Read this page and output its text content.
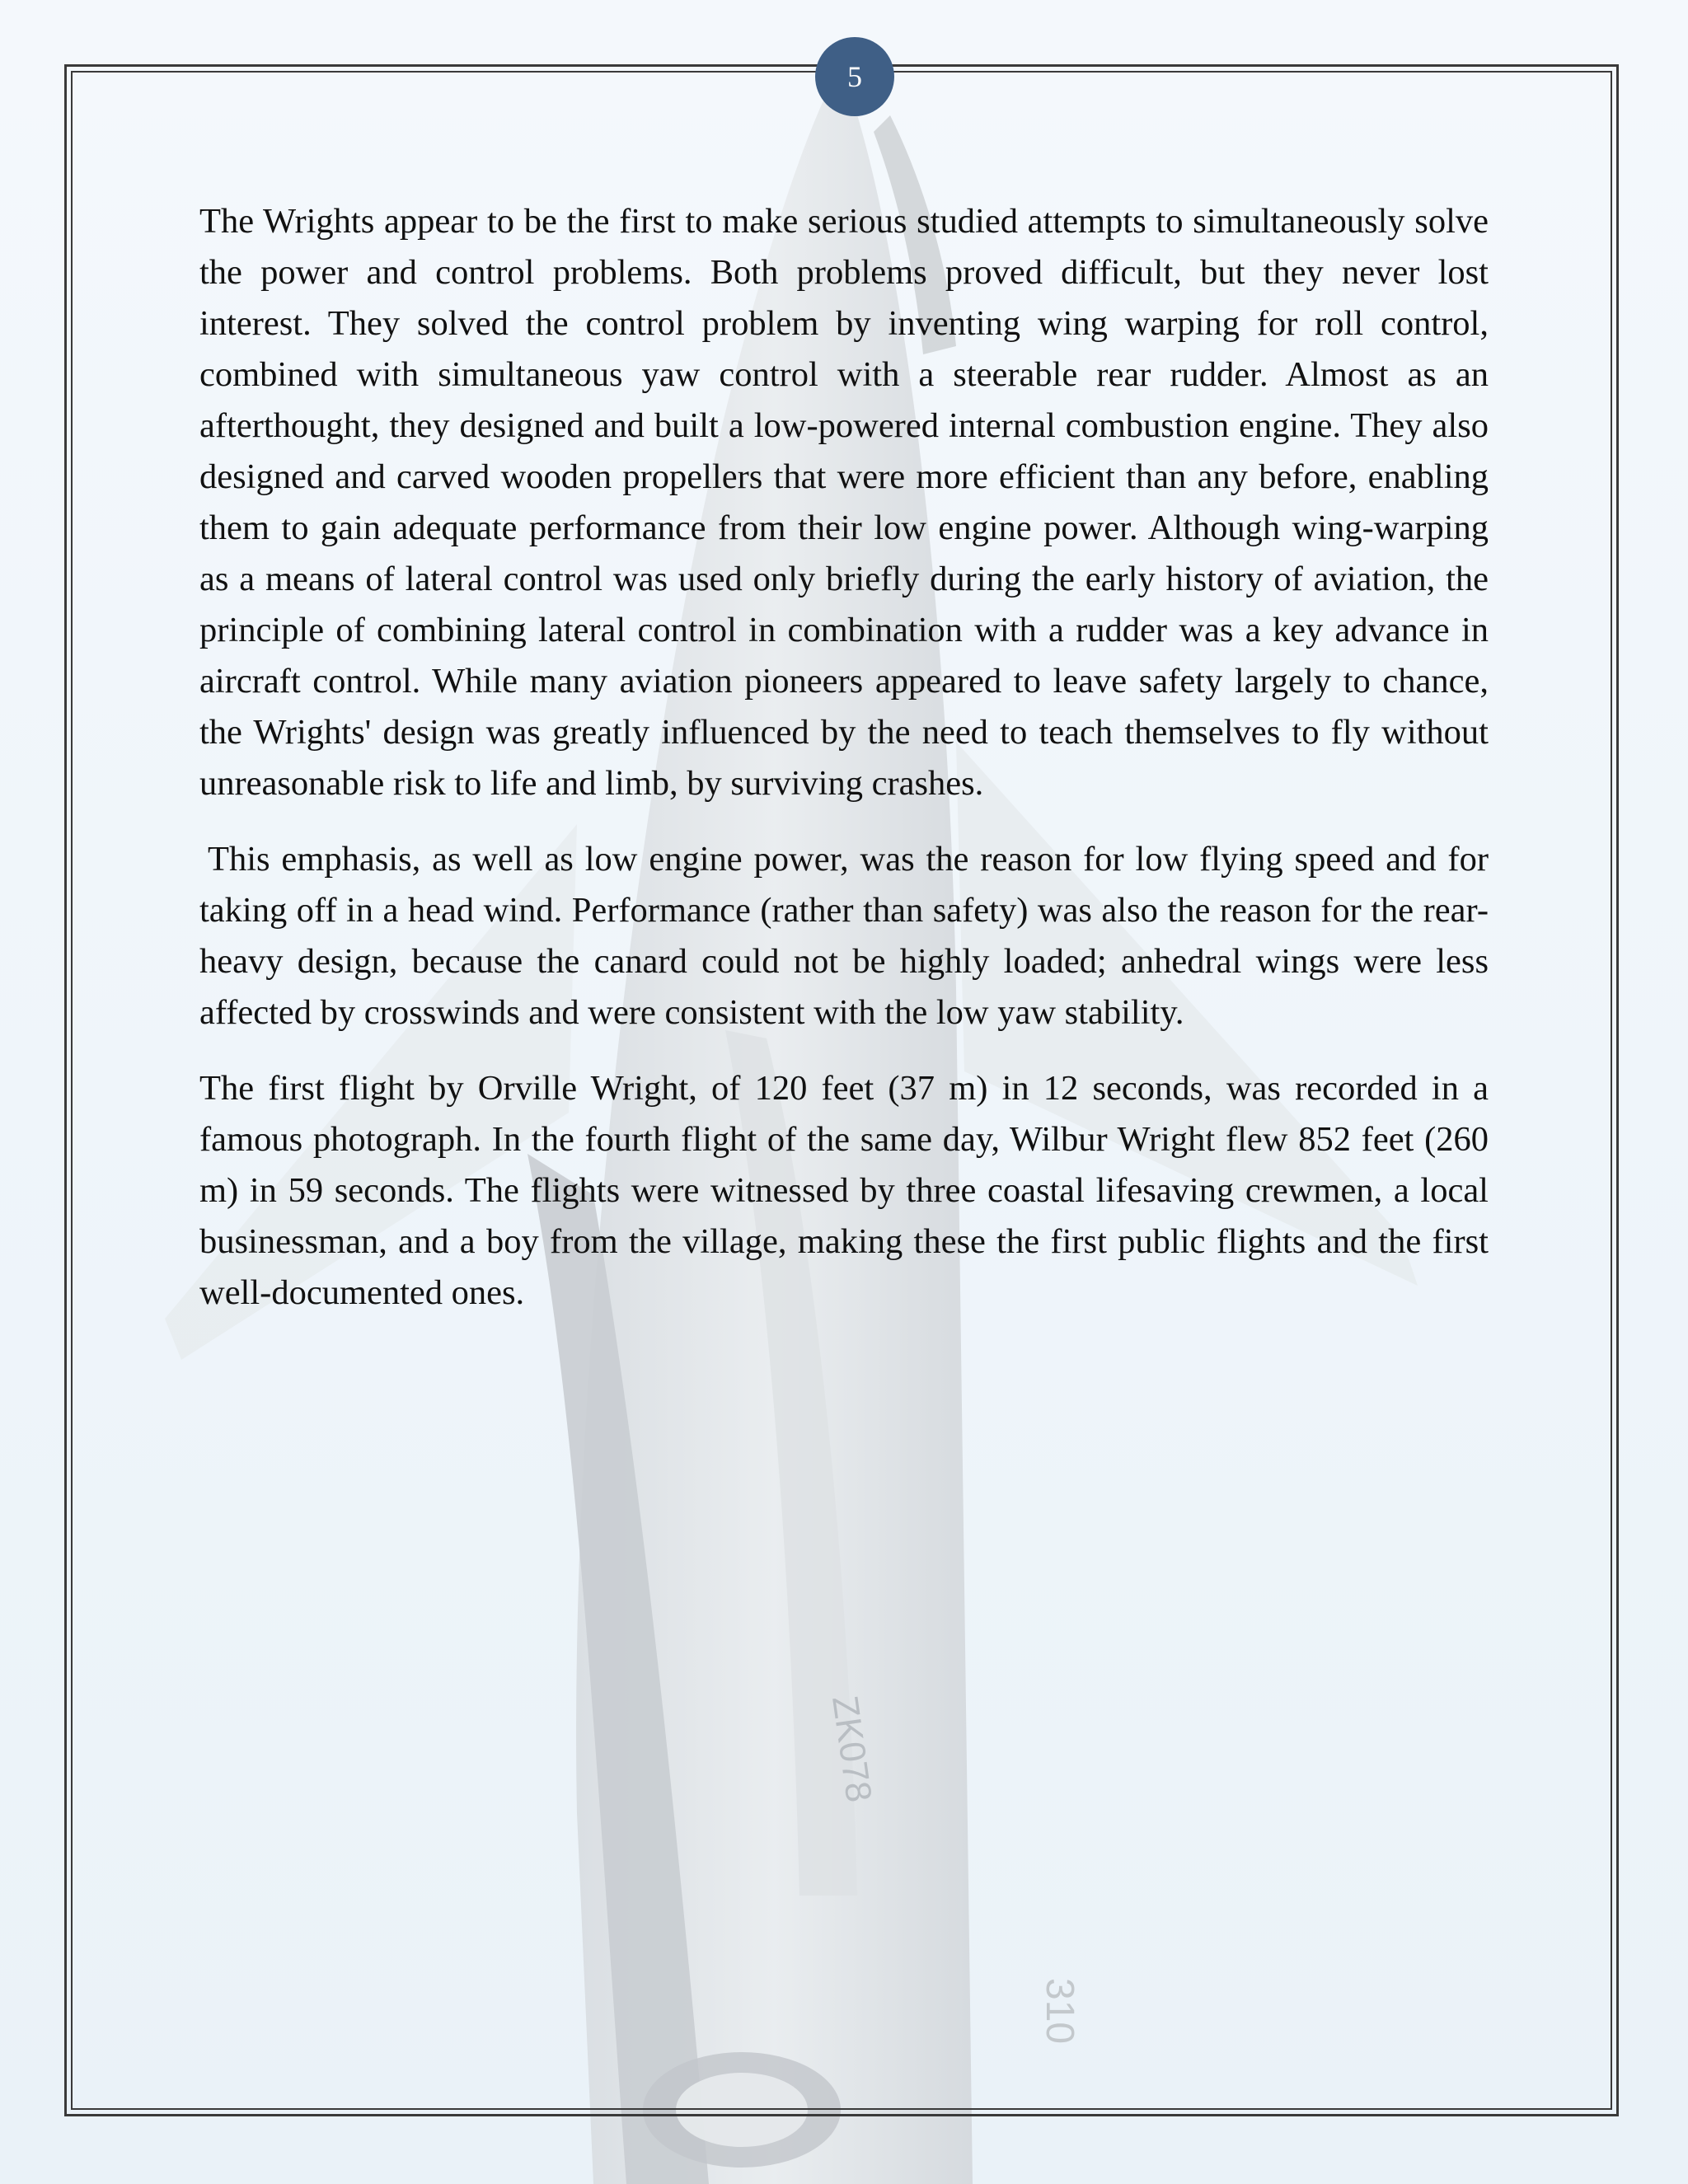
ZK078
310
5

The Wrights appear to be the first to make serious studied attempts to simultaneously solve the power and control problems. Both problems proved difficult, but they never lost interest. They solved the control problem by inventing wing warping for roll control, combined with simultaneous yaw control with a steerable rear rudder. Almost as an afterthought, they designed and built a low-powered internal combustion engine. They also designed and carved wooden propellers that were more efficient than any before, enabling them to gain adequate performance from their low engine power. Although wing-warping as a means of lateral control was used only briefly during the early history of aviation, the principle of combining lateral control in combination with a rudder was a key advance in aircraft control. While many aviation pioneers appeared to leave safety largely to chance, the Wrights' design was greatly influenced by the need to teach themselves to fly without unreasonable risk to life and limb, by surviving crashes.

This emphasis, as well as low engine power, was the reason for low flying speed and for taking off in a head wind. Performance (rather than safety) was also the reason for the rear-heavy design, because the canard could not be highly loaded; anhedral wings were less affected by crosswinds and were consistent with the low yaw stability.

The first flight by Orville Wright, of 120 feet (37 m) in 12 seconds, was recorded in a famous photograph. In the fourth flight of the same day, Wilbur Wright flew 852 feet (260 m) in 59 seconds. The flights were witnessed by three coastal lifesaving crewmen, a local businessman, and a boy from the village, making these the first public flights and the first well-documented ones.
